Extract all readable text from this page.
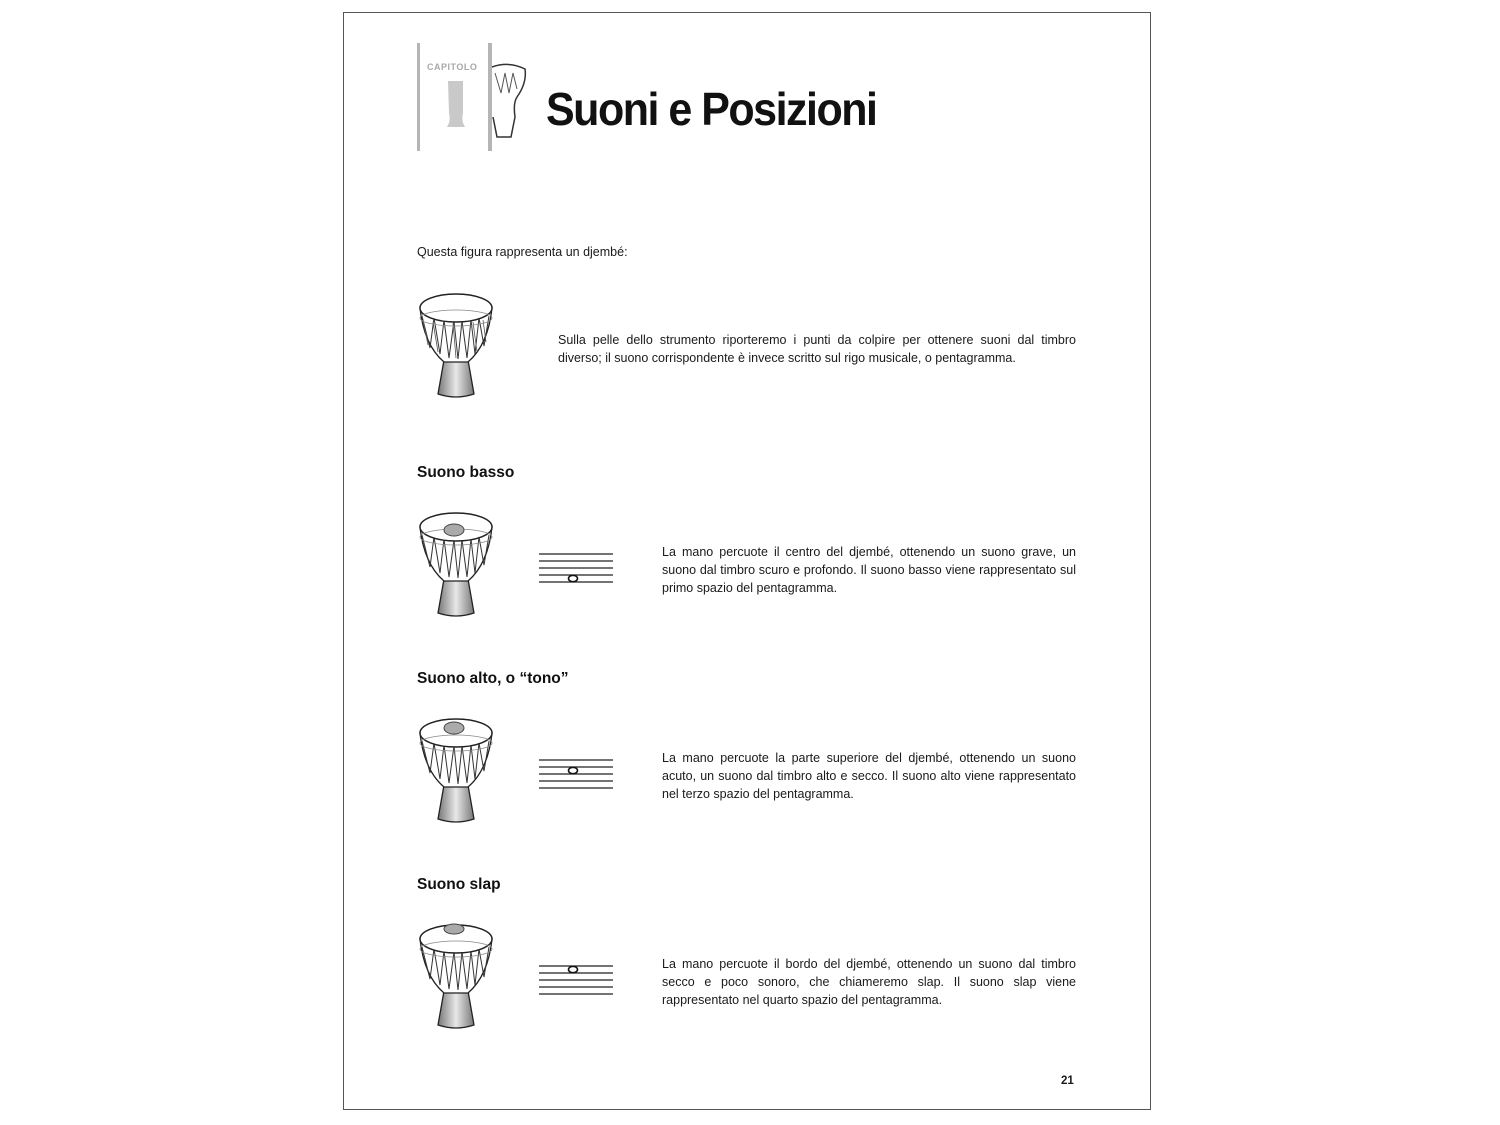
CAPITOLO
Suoni e Posizioni
Questa figura rappresenta un djembé:
Sulla pelle dello strumento riporteremo i punti da colpire per ottenere suoni dal timbro diverso; il suono corrispondente è invece scritto sul rigo musicale, o pentagramma.
Suono basso
Suono alto, o “tono”
Suono slap
La mano percuote il centro del djembé, ottenendo un suono grave, un suono dal timbro scuro e profondo. Il suono basso viene rappresentato sul primo spazio del pentagramma.
La mano percuote la parte superiore del djembé, ottenendo un suono acuto, un suono dal timbro alto e secco. Il suono alto viene rappresentato nel terzo spazio del pentagramma.
La mano percuote il bordo del djembé, ottenendo un suono dal timbro secco e poco sonoro, che chiameremo slap. Il suono slap viene rappresentato nel quarto spazio del pentagramma.
21
